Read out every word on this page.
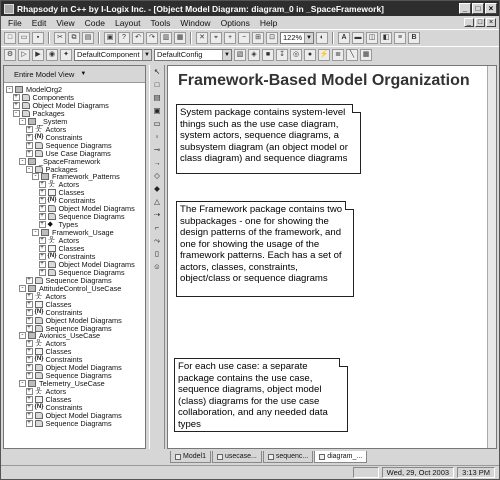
Rhapsody in C++ by I-Logix Inc. - [Object Model Diagram: diagram_0 in _SpaceFramework]	_	□	×
File	Edit	View	Code	Layout	Tools	Window	Options	Help	_ □ ×
□	▭	▪	✂	⧉	▤	▣	?	↶	↷	▥	▦	✕	⌖	+	−	⊞	⊡	122% ▼	◐	A	▬	◫	◧	≡	B
⚙	▷	▶	◉	✦	DefaultComponent ▼ DefaultConfig	▼ ▧	◈	■	↧	◎	●	⚡ ≣	╲	▦
Entire Model View ▼
-	ModelOrg2
+ Components
+ Object Model Diagrams
-	Packages
-	_System
+ 웃 Actors
+ {N} Constraints
+ Sequence Diagrams
+ Use Case Diagrams
-	_SpaceFramework
-	Packages
-	Framework_Patterns
+ 웃 Actors
+ Classes
+ {N} Constraints
+ Object Model Diagrams
+ Sequence Diagrams
+ ◆ Types
-	Framework_Usage
+ 웃 Actors
+ Classes
+ {N} Constraints
+ Object Model Diagrams
+ Sequence Diagrams
+ Sequence Diagrams
-	AttitudeControl_UseCase
+ 웃 Actors
+ Classes
+ {N} Constraints
+ Object Model Diagrams
+ Sequence Diagrams
-	Avionics_UseCase
+ 웃 Actors
+ Classes
+ {N} Constraints
+ Object Model Diagrams
+ Sequence Diagrams
-	Telemetry_UseCase
+ 웃 Actors
+ Classes
+ {N} Constraints
+ Object Model Diagrams
+ Sequence Diagrams
↖
□
▤
▣
▭
▫
⊸
→
◇
◆
△
⇢
⌐
⤳
▯
☺
Framework-Based Model Organization
System package contains system-level things such as the use case diagram, system actors, sequence diagrams, a subsystem diagram (an object model or class diagram) and sequence diagrams
The Framework package contains two subpackages - one for showing the design patterns of the framework, and one for showing the usage of the framework patterns. Each has a set of actors, classes, constraints, object/class or sequence diagrams
For each use case: a separate package contains the use case, sequence diagrams, object model (class) diagrams for the use case collaboration, and any needed data types
Model1	usecase...	sequenc...	diagram_...
Wed, 29, Oct 2003	3:13 PM
